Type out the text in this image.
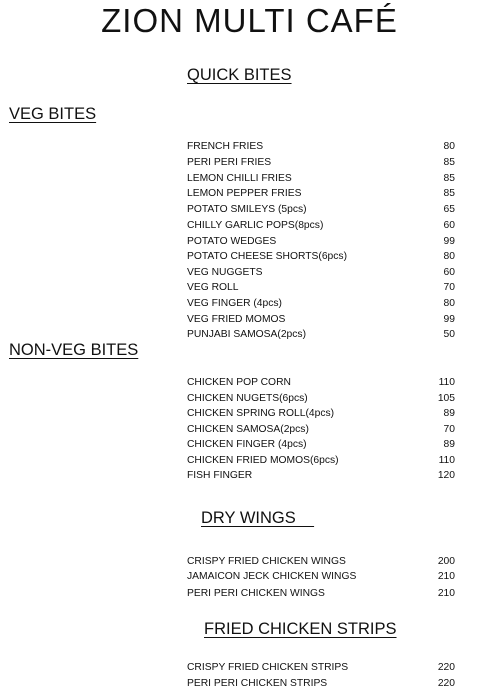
ZION MULTI CAFÉ
QUICK BITES
VEG BITES
FRENCH FRIES	80
PERI PERI FRIES	85
LEMON CHILLI FRIES	85
LEMON PEPPER FRIES	85
POTATO SMILEYS (5pcs)	65
CHILLY GARLIC POPS(8pcs)	60
POTATO WEDGES	99
POTATO CHEESE SHORTS(6pcs)	80
VEG NUGGETS	60
VEG ROLL	70
VEG FINGER (4pcs)	80
VEG FRIED MOMOS	99
PUNJABI SAMOSA(2pcs)	50
NON-VEG BITES
CHICKEN POP CORN	110
CHICKEN NUGETS(6pcs)	105
CHICKEN SPRING ROLL(4pcs)	89
CHICKEN SAMOSA(2pcs)	70
CHICKEN FINGER (4pcs)	89
CHICKEN FRIED MOMOS(6pcs)	110
FISH FINGER	120
DRY WINGS
CRISPY FRIED CHICKEN WINGS	200
JAMAICON JECK CHICKEN WINGS	210
PERI PERI CHICKEN WINGS	210
FRIED CHICKEN STRIPS
CRISPY FRIED CHICKEN STRIPS	220
PERI PERI CHICKEN STRIPS	220
